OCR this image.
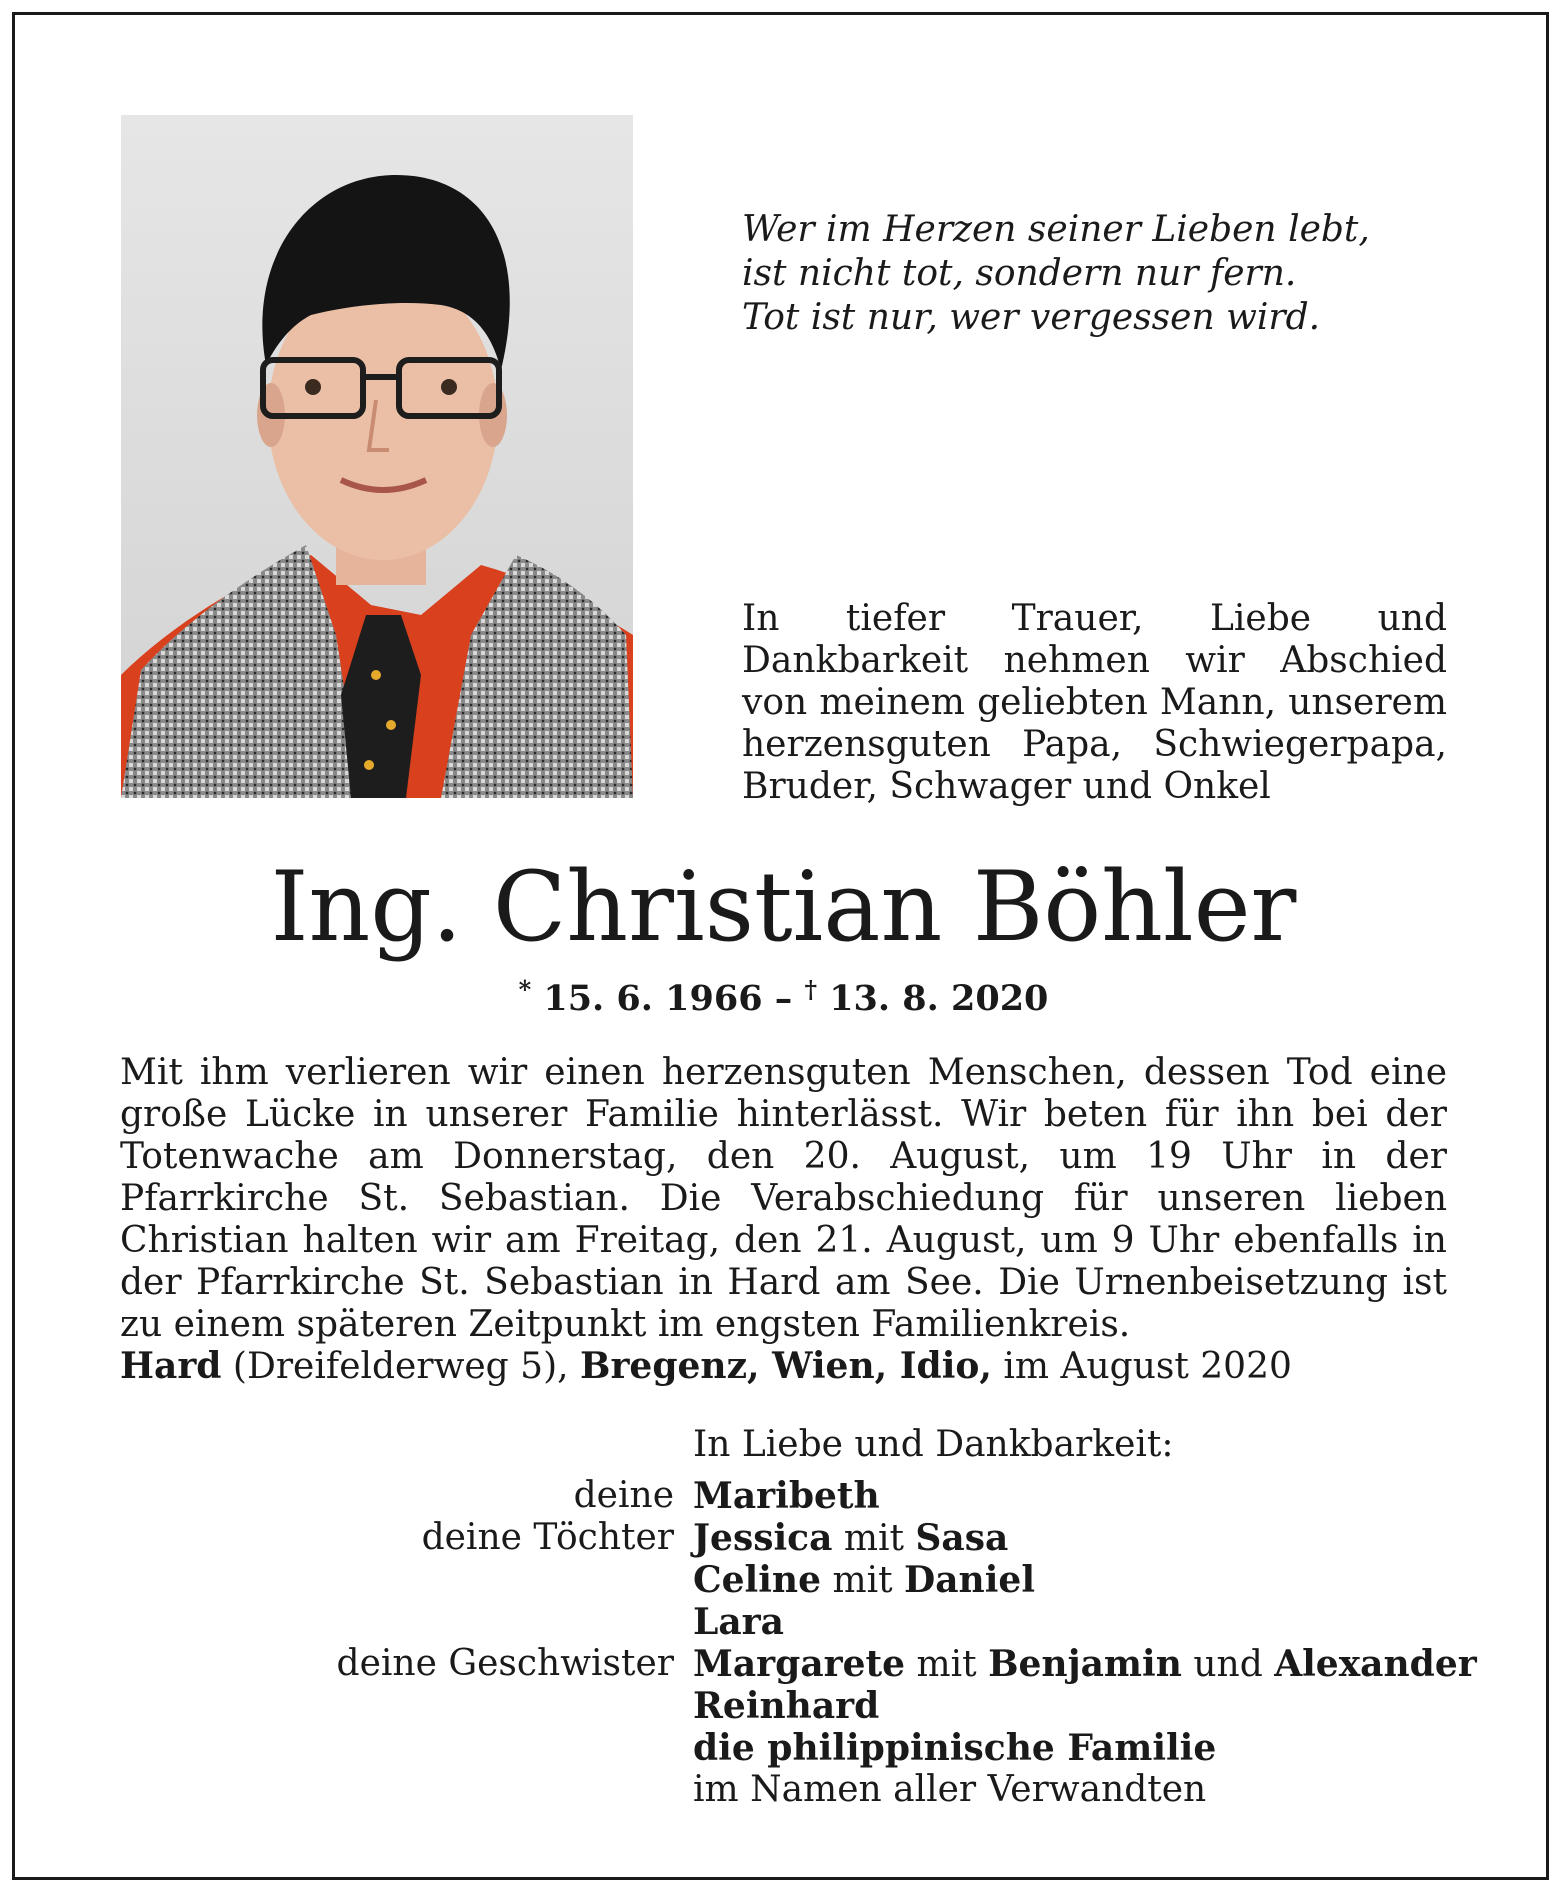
Wer im Herzen seiner Lieben lebt,
ist nicht tot, sondern nur fern.
Tot ist nur, wer vergessen wird.
In tiefer Trauer, Liebe und Dankbarkeit nehmen wir Abschied von meinem geliebten Mann, unserem herzensguten Papa, Schwiegerpapa, Bruder, Schwager und Onkel
Ing. Christian Böhler
* 15. 6. 1966 – † 13. 8. 2020
Mit ihm verlieren wir einen herzensguten Menschen, dessen Tod eine große Lücke in unserer Familie hinterlässt. Wir beten für ihn bei der Totenwache am Donnerstag, den 20. August, um 19 Uhr in der Pfarrkirche St. Sebastian. Die Verabschiedung für unseren lieben Christian halten wir am Freitag, den 21. August, um 9 Uhr ebenfalls in der Pfarrkirche St. Sebastian in Hard am See. Die Urnenbeisetzung ist zu einem späteren Zeitpunkt im engsten Familienkreis.
Hard (Dreifelderweg 5), Bregenz, Wien, Idio, im August 2020
In Liebe und Dankbarkeit:
deine Maribeth
deine Töchter Jessica mit Sasa
Celine mit Daniel
Lara
deine Geschwister Margarete mit Benjamin und Alexander
Reinhard
die philippinische Familie
im Namen aller Verwandten
